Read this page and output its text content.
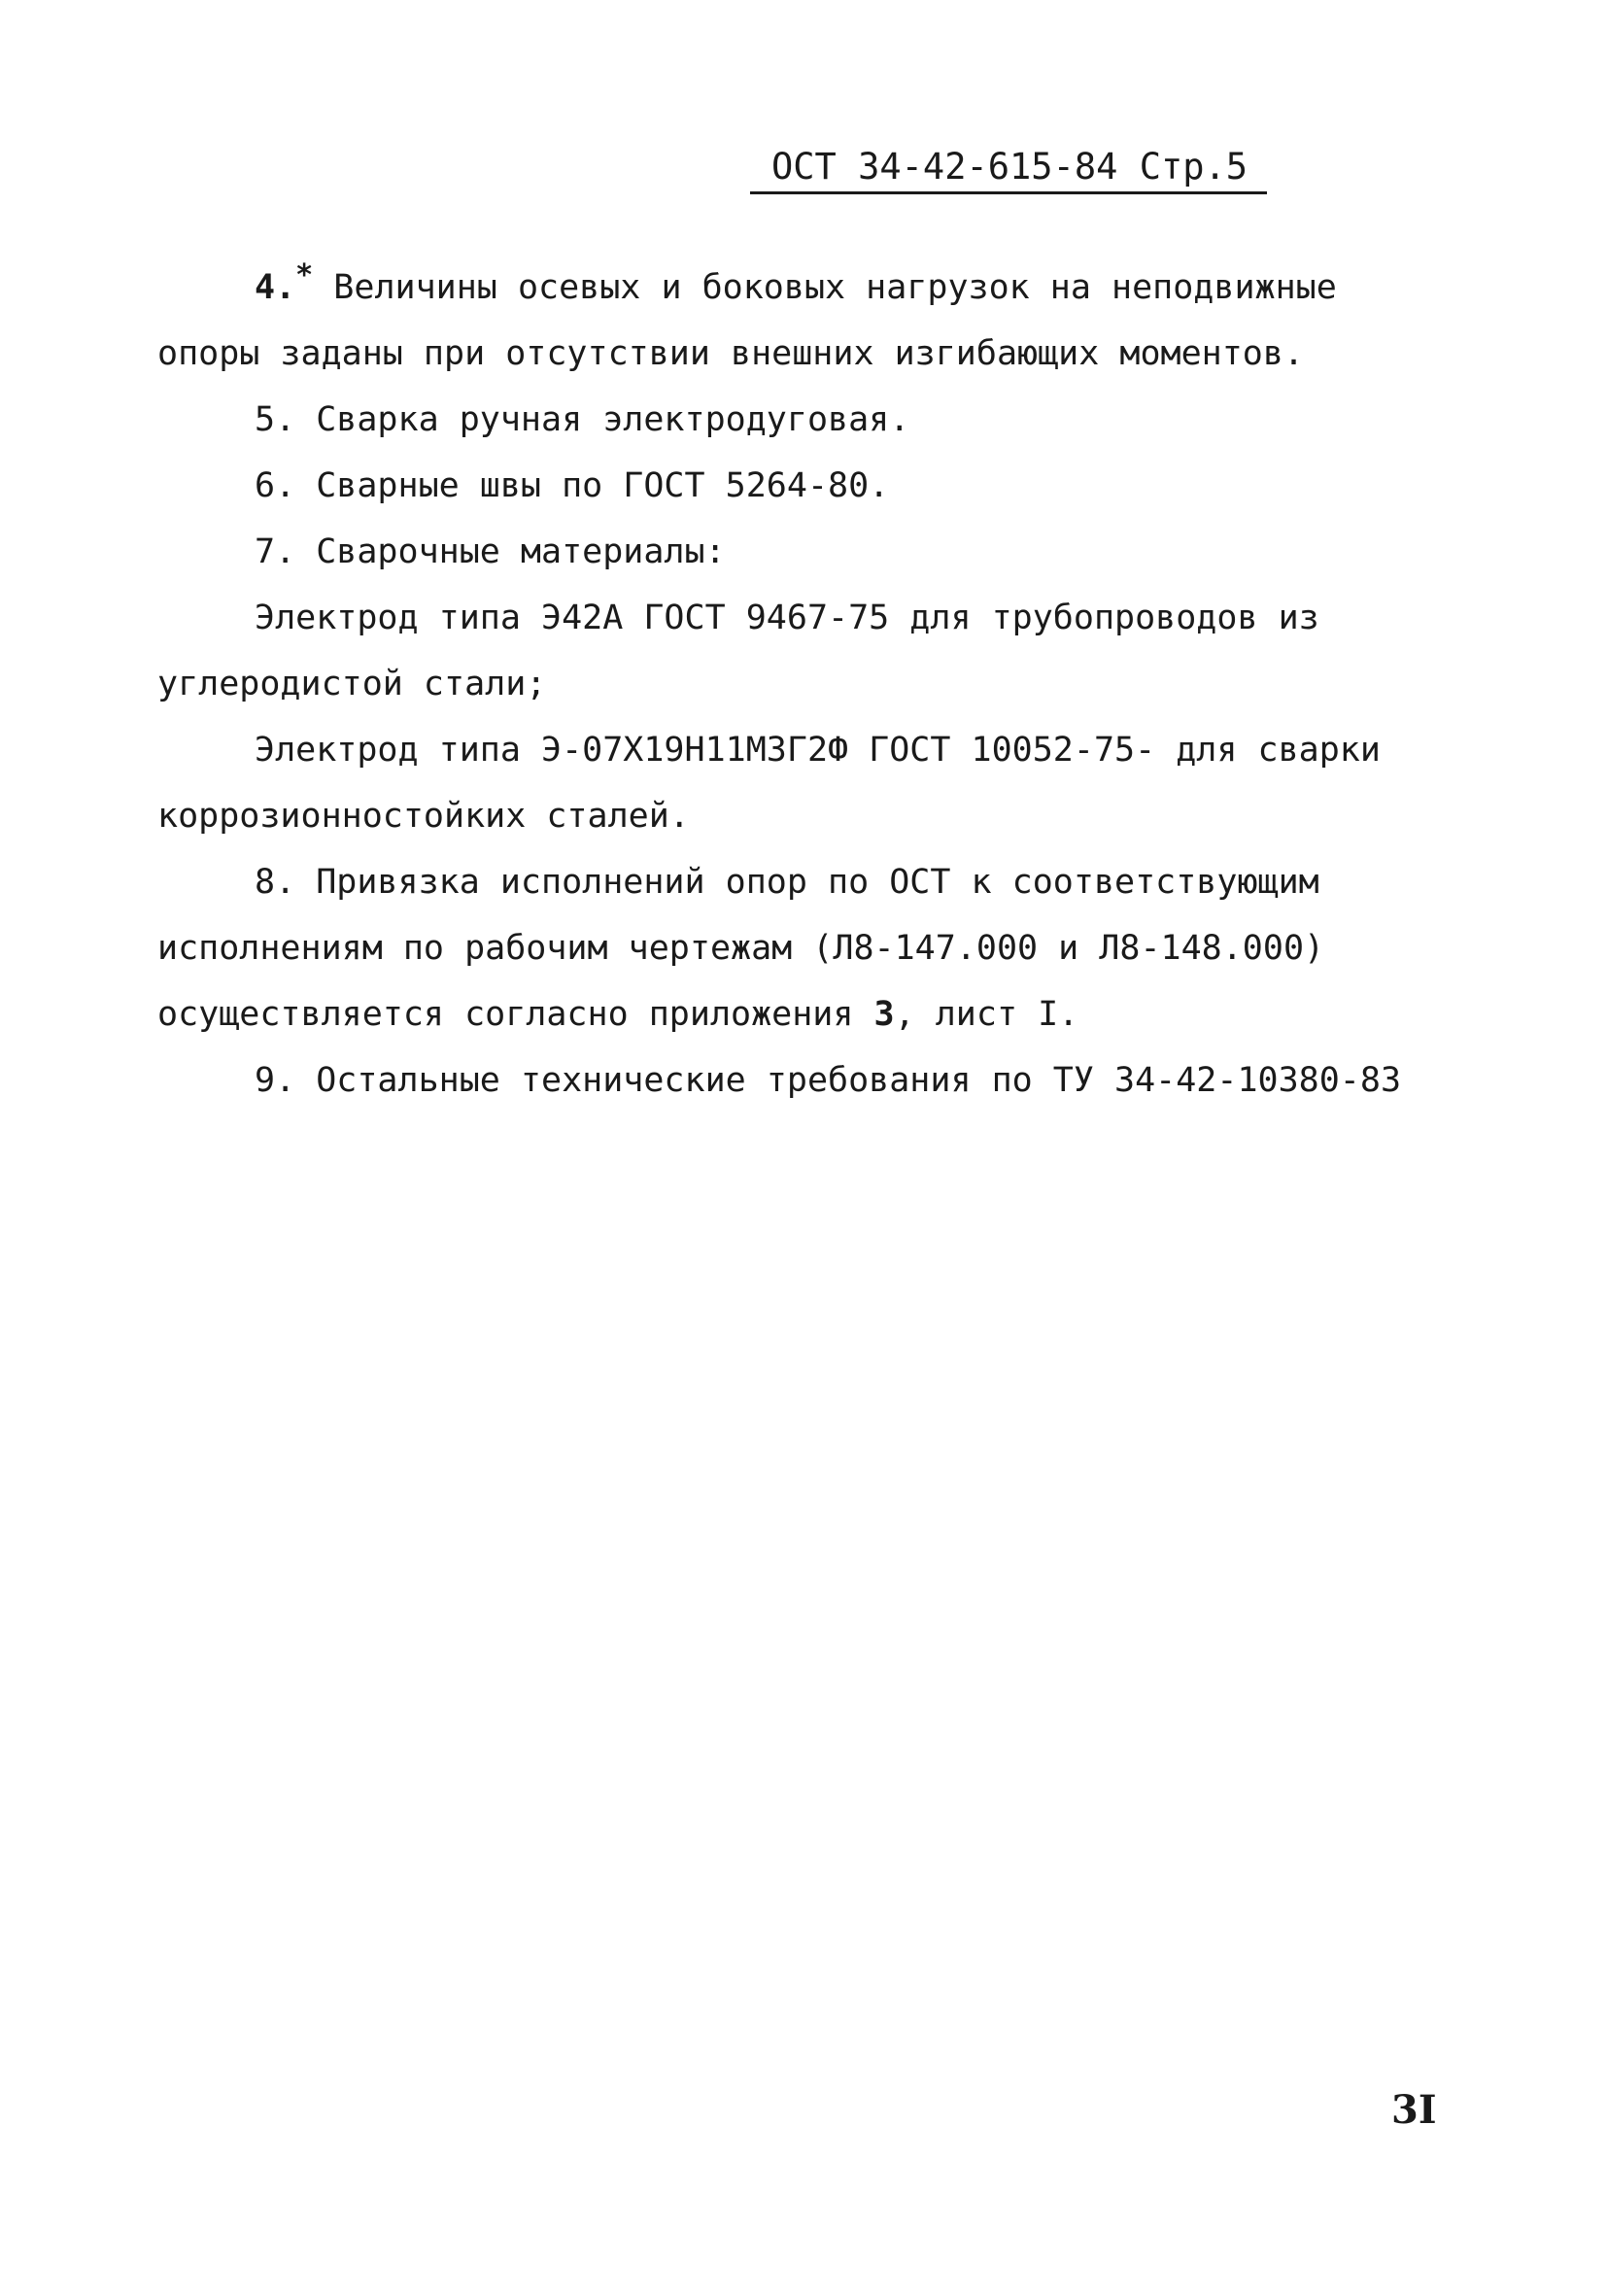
ОСТ 34-42-615-84 Стр.5
4.* Величины осевых и боковых нагрузок на неподвижные
опоры заданы при отсутствии внешних изгибающих моментов.
5. Сварка ручная электродуговая.
6. Сварные швы по ГОСТ 5264-80.
7. Сварочные материалы:
Электрод типа Э42А ГОСТ 9467-75 для трубопроводов из
углеродистой стали;
Электрод типа Э-07Х19Н11М3Г2Ф ГОСТ 10052-75- для сварки
коррозионностойких сталей.
8. Привязка исполнений опор по ОСТ к соответствующим
исполнениям по рабочим чертежам (Л8-147.000 и Л8-148.000)
осуществляется согласно приложения 3, лист I.
9. Остальные технические требования по ТУ 34-42-10380-83
3I
